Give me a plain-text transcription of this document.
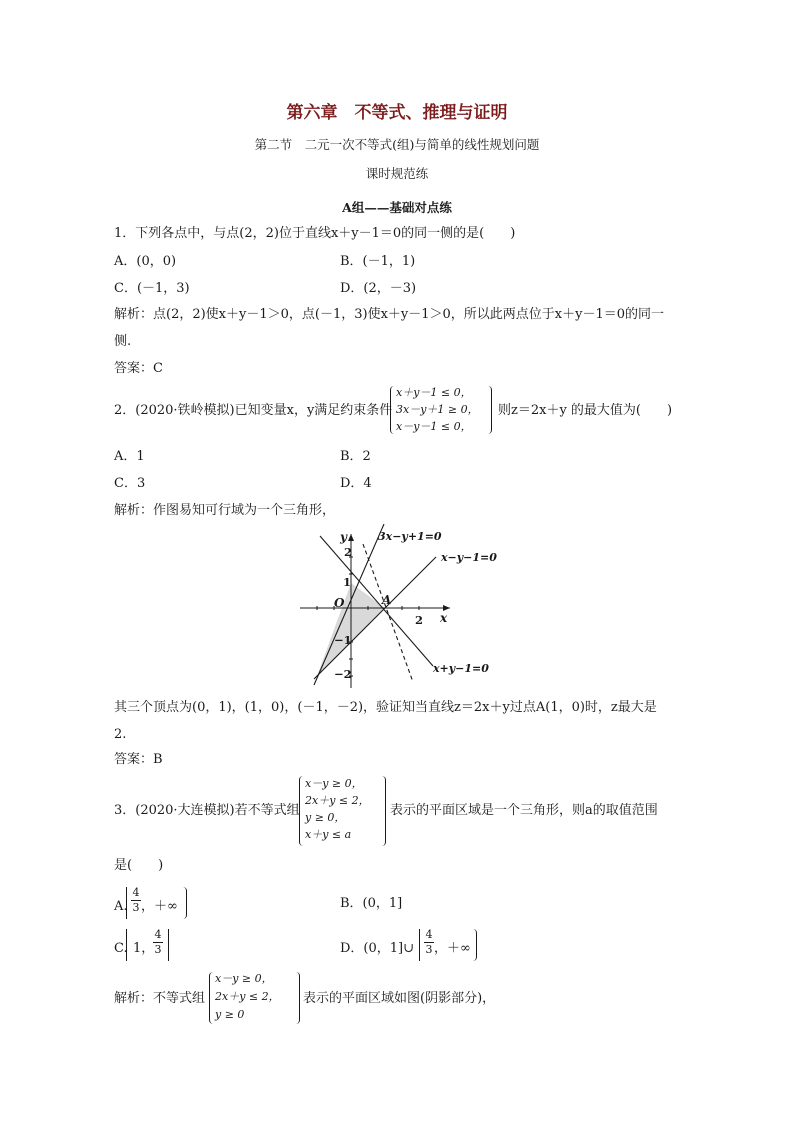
第六章　不等式、推理与证明
第二节　二元一次不等式(组)与简单的线性规划问题
课时规范练
A组——基础对点练
1．下列各点中，与点(2，2)位于直线x＋y－1＝0的同一侧的是(　　)
A．(0，0)	B．(－1，1)
C．(－1，3)	D．(2，－3)
解析：点(2，2)使x＋y－1＞0，点(－1，3)使x＋y－1＞0，所以此两点位于x＋y－1＝0的同一
侧.
答案：C
2．(2020·铁岭模拟)已知变量x，y满足约束条件
x＋y－1 ≤ 0，
3x－y＋1 ≥ 0，
x－y－1 ≤ 0，
则z＝2x＋y 的最大值为(　　)
A．1	B．2
C．3	D．4
解析：作图易知可行域为一个三角形，
y
x
O	A
2
1
−1
−2
2
3x−y+1=0
x−y−1=0
x+y−1=0
其三个顶点为(0，1)，(1，0)，(－1，－2)，验证知当直线z＝2x＋y过点A(1，0)时，z最大是
2.
答案：B
3．(2020·大连模拟)若不等式组
x－y ≥ 0，
2x＋y ≤ 2，
y ≥ 0，
x＋y ≤ a
表示的平面区域是一个三角形，则a的取值范围
是(　　)
A.
4
3 ，＋∞	B．(0，1]
C. 1，
4
3	D．(0，1]∪
4
3 ，＋∞
解析：不等式组
x－y ≥ 0，
2x＋y ≤ 2，
y ≥ 0
表示的平面区域如图(阴影部分)，
